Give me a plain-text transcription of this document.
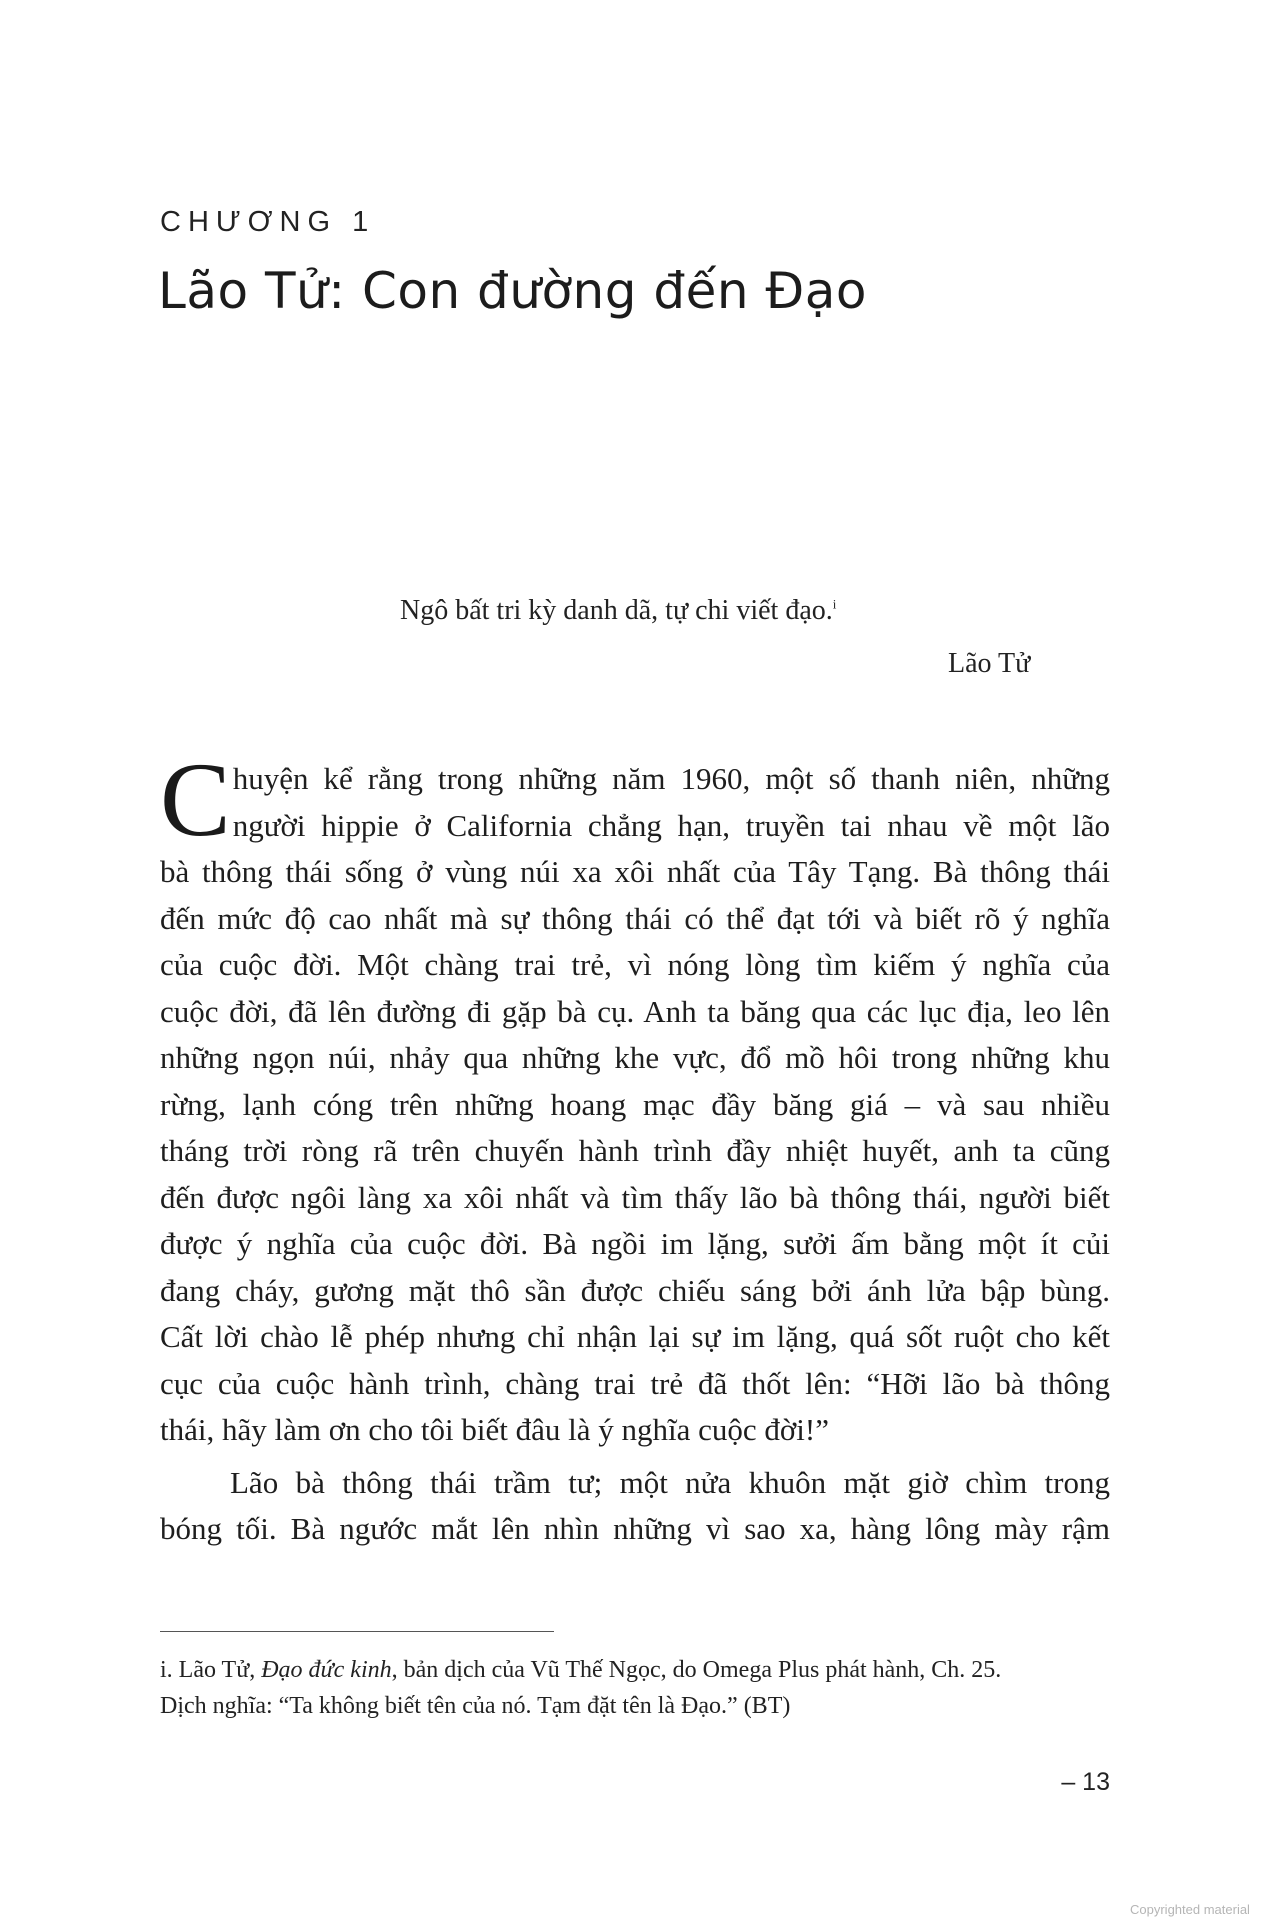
CHƯƠNG 1
Lão Tử: Con đường đến Đạo
Ngô bất tri kỳ danh dã, tự chi viết đạo.$^i$
Lão Tử

C huyện kể rằng trong những năm 1960, một số thanh niên, những
người hippie ở California chẳng hạn, truyền tai nhau về một lão
bà thông thái sống ở vùng núi xa xôi nhất của Tây Tạng. Bà thông thái
đến mức độ cao nhất mà sự thông thái có thể đạt tới và biết rõ ý nghĩa
của cuộc đời. Một chàng trai trẻ, vì nóng lòng tìm kiếm ý nghĩa của
cuộc đời, đã lên đường đi gặp bà cụ. Anh ta băng qua các lục địa, leo lên
những ngọn núi, nhảy qua những khe vực, đổ mồ hôi trong những khu
rừng, lạnh cóng trên những hoang mạc đầy băng giá – và sau nhiều
tháng trời ròng rã trên chuyến hành trình đầy nhiệt huyết, anh ta cũng
đến được ngôi làng xa xôi nhất và tìm thấy lão bà thông thái, người biết
được ý nghĩa của cuộc đời. Bà ngồi im lặng, sưởi ấm bằng một ít củi
đang cháy, gương mặt thô sần được chiếu sáng bởi ánh lửa bập bùng.
Cất lời chào lễ phép nhưng chỉ nhận lại sự im lặng, quá sốt ruột cho kết
cục của cuộc hành trình, chàng trai trẻ đã thốt lên: “Hỡi lão bà thông
thái, hãy làm ơn cho tôi biết đâu là ý nghĩa cuộc đời!”

Lão bà thông thái trầm tư; một nửa khuôn mặt giờ chìm trong
bóng tối. Bà ngước mắt lên nhìn những vì sao xa, hàng lông mày rậm

i. Lão Tử, Đạo đức kinh, bản dịch của Vũ Thế Ngọc, do Omega Plus phát hành, Ch. 25.
Dịch nghĩa: “Ta không biết tên của nó. Tạm đặt tên là Đạo.” (BT)
– 13
Copyrighted material
